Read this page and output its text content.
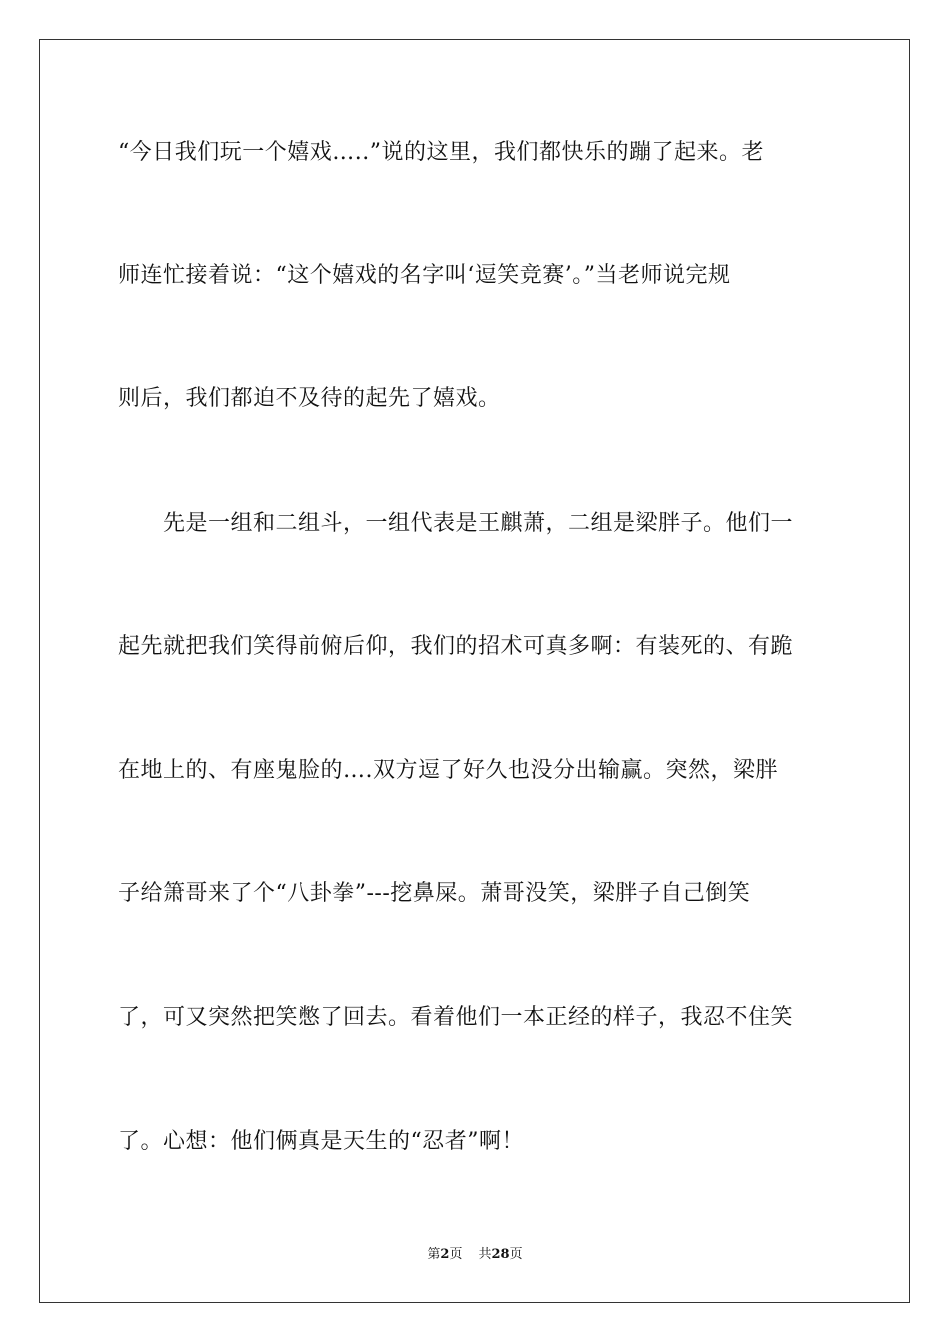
“今日我们玩一个嬉戏…..”说的这里，我们都快乐的蹦了起来。老
师连忙接着说：“这个嬉戏的名字叫‘逗笑竞赛’。”当老师说完规
则后，我们都迫不及待的起先了嬉戏。
　　先是一组和二组斗，一组代表是王麒萧，二组是梁胖子。他们一
起先就把我们笑得前俯后仰，我们的招术可真多啊：有装死的、有跪
在地上的、有座鬼脸的….双方逗了好久也没分出输赢。突然，梁胖
子给箫哥来了个“八卦拳”---挖鼻屎。萧哥没笑，梁胖子自己倒笑
了，可又突然把笑憋了回去。看着他们一本正经的样子，我忍不住笑
了。心想：他们俩真是天生的“忍者”啊！
第2页 共28页
